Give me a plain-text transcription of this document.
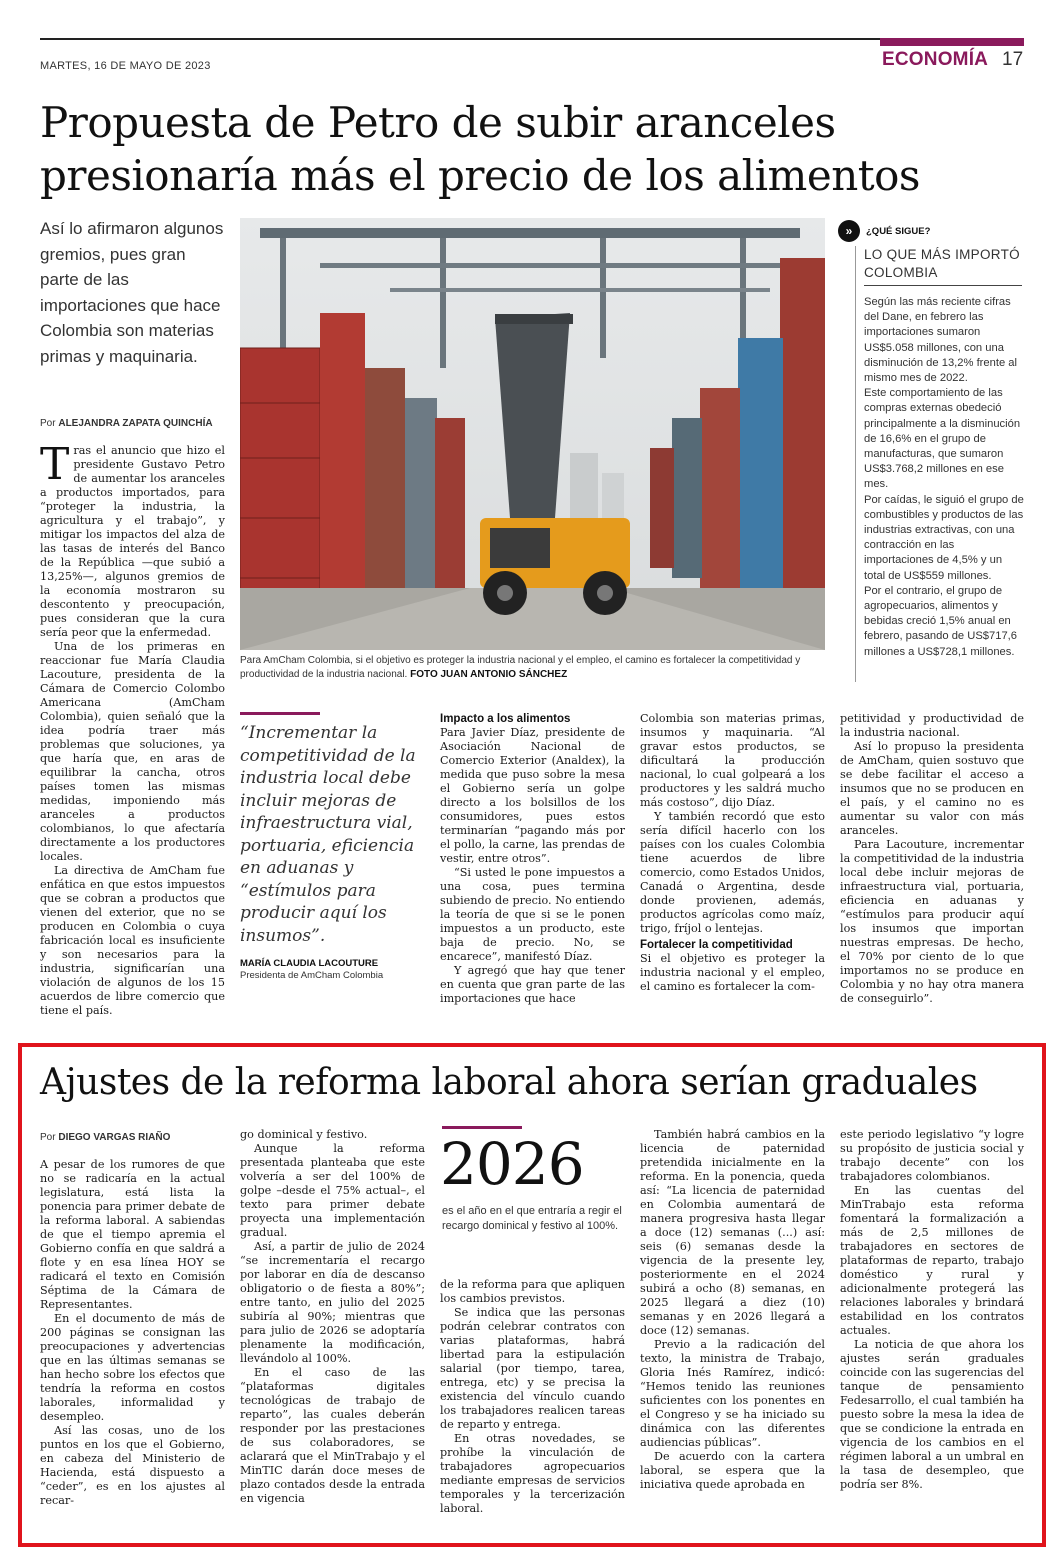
MARTES, 16 DE MAYO DE 2023	ECONOMÍA 17
Propuesta de Petro de subir aranceles
presionaría más el precio de los alimentos
Así lo afirmaron algunos gremios, pues gran parte de las importaciones que hace Colombia son materias primas y maquinaria.
Por ALEJANDRA ZAPATA QUINCHÍA

Tras el anuncio que hizo el presidente Gustavo Petro de aumentar los aranceles a productos importados, para “proteger la industria, la agricultura y el trabajo”, y mitigar los impactos del alza de las tasas de interés del Banco de la República —que subió a 13,25%—, algunos gremios de la economía mostraron su descontento y preocupación, pues consideran que la cura sería peor que la enfermedad.

Una de los primeras en reaccionar fue María Claudia Lacouture, presidenta de la Cámara de Comercio Colombo Americana (AmCham Colombia), quien señaló que la idea podría traer más problemas que soluciones, ya que haría que, en aras de equilibrar la cancha, otros países tomen las mismas medidas, imponiendo más aranceles a productos colombianos, lo que afectaría directamente a los productores locales.

La directiva de AmCham fue enfática en que estos impuestos que se cobran a productos que vienen del exterior, que no se producen en Colombia o cuya fabricación local es insuficiente y son necesarios para la industria, significarían una violación de algunos de los 15 acuerdos de libre comercio que tiene el país.

Para AmCham Colombia, si el objetivo es proteger la industria nacional y el empleo, el camino es fortalecer la competitividad y productividad de la industria nacional. FOTO JUAN ANTONIO SÁNCHEZ
»	¿QUÉ SIGUE?
LO QUE MÁS IMPORTÓ COLOMBIA

Según las más reciente cifras del Dane, en febrero las importaciones sumaron US$5.058 millones, con una disminución de 13,2% frente al mismo mes de 2022.

Este comportamiento de las compras externas obedeció principalmente a la disminución de 16,6% en el grupo de manufacturas, que sumaron US$3.768,2 millones en ese mes.

Por caídas, le siguió el grupo de combustibles y productos de las industrias extractivas, con una contracción en las importaciones de 4,5% y un total de US$559 millones.

Por el contrario, el grupo de agropecuarios, alimentos y bebidas creció 1,5% anual en febrero, pasando de US$717,6 millones a US$728,1 millones.

“Incrementar la competitividad de la industria local debe incluir mejoras de infraestructura vial, portuaria, eficiencia en aduanas y “estímulos para producir aquí los insumos”.
MARÍA CLAUDIA LACOUTURE
Presidenta de AmCham Colombia
Impacto a los alimentos

Para Javier Díaz, presidente de Asociación Nacional de Comercio Exterior (Analdex), la medida que puso sobre la mesa el Gobierno sería un golpe directo a los bolsillos de los consumidores, pues estos terminarían “pagando más por el pollo, la carne, las prendas de vestir, entre otros”.

“Si usted le pone impuestos a una cosa, pues termina subiendo de precio. No entiendo la teoría de que si se le ponen impuestos a un producto, este baja de precio. No, se encarece”, manifestó Díaz.

Y agregó que hay que tener en cuenta que gran parte de las importaciones que hace

Colombia son materias primas, insumos y maquinaria. “Al gravar estos productos, se dificultará la producción nacional, lo cual golpeará a los productores y les saldrá mucho más costoso”, dijo Díaz.

Y también recordó que esto sería difícil hacerlo con los países con los cuales Colombia tiene acuerdos de libre comercio, como Estados Unidos, Canadá o Argentina, desde donde provienen, además, productos agrícolas como maíz, trigo, fríjol o lentejas.

Fortalecer la competitividad

Si el objetivo es proteger la industria nacional y el empleo, el camino es fortalecer la com-

petitividad y productividad de la industria nacional.

Así lo propuso la presidenta de AmCham, quien sostuvo que se debe facilitar el acceso a insumos que no se producen en el país, y el camino no es aumentar su valor con más aranceles.

Para Lacouture, incrementar la competitividad de la industria local debe incluir mejoras de infraestructura vial, portuaria, eficiencia en aduanas y “estímulos para producir aquí los insumos que importan nuestras empresas. De hecho, el 70% por ciento de lo que importamos no se produce en Colombia y no hay otra manera de conseguirlo”.

Ajustes de la reforma laboral ahora serían graduales
Por DIEGO VARGAS RIAÑO

A pesar de los rumores de que no se radicaría en la actual legislatura, está lista la ponencia para primer debate de la reforma laboral. A sabiendas de que el tiempo apremia el Gobierno confía en que saldrá a flote y en esa línea HOY se radicará el texto en Comisión Séptima de la Cámara de Representantes.

En el documento de más de 200 páginas se consignan las preocupaciones y advertencias que en las últimas semanas se han hecho sobre los efectos que tendría la reforma en costos laborales, informalidad y desempleo.

Así las cosas, uno de los puntos en los que el Gobierno, en cabeza del Ministerio de Hacienda, está dispuesto a “ceder”, es en los ajustes al recar-

go dominical y festivo.

Aunque la reforma presentada planteaba que este volvería a ser del 100% de golpe –desde el 75% actual–, el texto para primer debate proyecta una implementación gradual.

Así, a partir de julio de 2024 “se incrementaría el recargo por laborar en día de descanso obligatorio o de fiesta a 80%”; entre tanto, en julio del 2025 subiría al 90%; mientras que para julio de 2026 se adoptaría plenamente la modificación, llevándolo al 100%.

En el caso de las “plataformas digitales tecnológicas de trabajo de reparto”, las cuales deberán responder por las prestaciones de sus colaboradores, se aclarará que el MinTrabajo y el MinTIC darán doce meses de plazo contados desde la entrada en vigencia

2026
es el año en el que entraría a regir el recargo dominical y festivo al 100%.

de la reforma para que apliquen los cambios previstos.

Se indica que las personas podrán celebrar contratos con varias plataformas, habrá libertad para la estipulación salarial (por tiempo, tarea, entrega, etc) y se precisa la existencia del vínculo cuando los trabajadores realicen tareas de reparto y entrega.

En otras novedades, se prohíbe la vinculación de trabajadores agropecuarios mediante empresas de servicios temporales y la tercerización laboral.

También habrá cambios en la licencia de paternidad pretendida inicialmente en la reforma. En la ponencia, queda así: “La licencia de paternidad en Colombia aumentará de manera progresiva hasta llegar a doce (12) semanas (...) así: seis (6) semanas desde la vigencia de la presente ley, posteriormente en el 2024 subirá a ocho (8) semanas, en 2025 llegará a diez (10) semanas y en 2026 llegará a doce (12) semanas.

Previo a la radicación del texto, la ministra de Trabajo, Gloria Inés Ramírez, indicó: “Hemos tenido las reuniones suficientes con los ponentes en el Congreso y se ha iniciado su dinámica con las diferentes audiencias públicas”.

De acuerdo con la cartera laboral, se espera que la iniciativa quede aprobada en

este periodo legislativo “y logre su propósito de justicia social y trabajo decente” con los trabajadores colombianos.

En las cuentas del MinTrabajo esta reforma fomentará la formalización a más de 2,5 millones de trabajadores en sectores de plataformas de reparto, trabajo doméstico y rural y adicionalmente protegerá las relaciones laborales y brindará estabilidad en los contratos actuales.

La noticia de que ahora los ajustes serán graduales coincide con las sugerencias del tanque de pensamiento Fedesarrollo, el cual también ha puesto sobre la mesa la idea de que se condicione la entrada en vigencia de los cambios en el régimen laboral a un umbral en la tasa de desempleo, que podría ser 8%.
